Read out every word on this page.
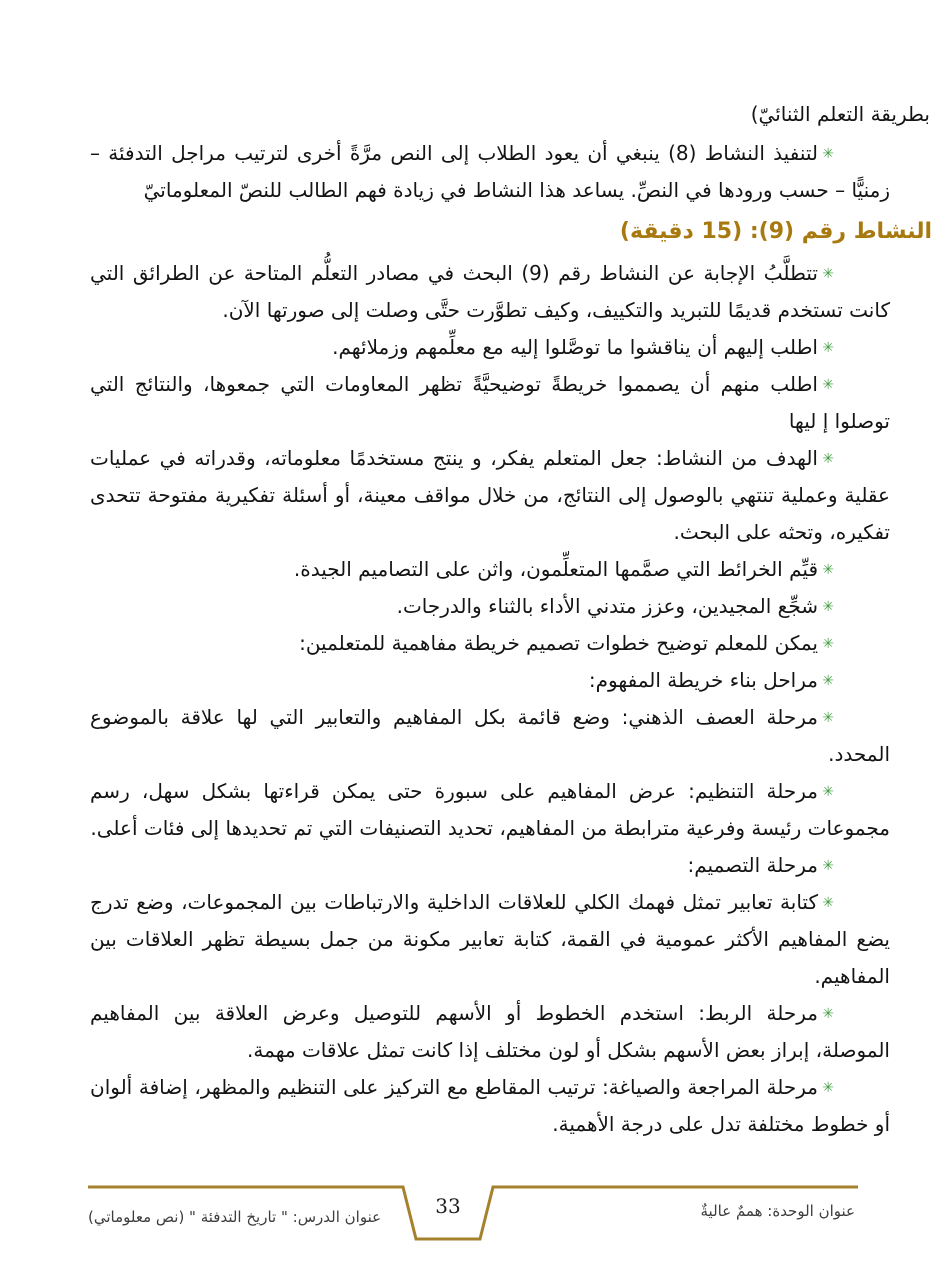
بطريقة التعلم الثنائيّ)

✳

لتنفيذ النشاط (8) ينبغي أن يعود الطلاب إلى النص مرَّةً أخرى لترتيب مراجل التدفئة – زمنيًّا – حسب ورودها في النصِّ. يساعد هذا النشاط في زيادة فهم الطالب للنصّ المعلوماتيّ

النشاط رقم (9): (15 دقيقة)
✳

تتطلَّبُ الإجابة عن النشاط رقم (9) البحث في مصادر التعلُّم المتاحة عن الطرائق التي كانت تستخدم قديمًا للتبريد والتكييف، وكيف تطوَّرت حتَّى وصلت إلى صورتها الآن.

✳

اطلب إليهم أن يناقشوا ما توصَّلوا إليه مع معلِّمهم وزملائهم.

✳

اطلب منهم أن يصمموا خريطةً توضيحيَّةً تظهر المعاومات التي جمعوها، والنتائج التي توصلوا إ ليها

✳

الهدف من النشاط: جعل المتعلم يفكر، و ينتج مستخدمًا معلوماته، وقدراته في عمليات عقلية وعملية تنتهي بالوصول إلى النتائج، من خلال مواقف معينة، أو أسئلة تفكيرية مفتوحة تتحدى تفكيره، وتحثه على البحث.

✳

قيِّم الخرائط التي صمَّمها المتعلِّمون، واثن على التصاميم الجيدة.

✳

شجِّع المجيدين، وعزز متدني الأداء بالثناء والدرجات.

✳

يمكن للمعلم توضيح خطوات تصميم خريطة مفاهمية للمتعلمين:

✳

مراحل بناء خريطة المفهوم:

✳

مرحلة العصف الذهني: وضع قائمة بكل المفاهيم والتعابير التي لها علاقة بالموضوع المحدد.

✳

مرحلة التنظيم: عرض المفاهيم على سبورة حتى يمكن قراءتها بشكل سهل، رسم مجموعات رئيسة وفرعية مترابطة من المفاهيم، تحديد التصنيفات التي تم تحديدها إلى فئات أعلى.

✳

مرحلة التصميم:

✳

كتابة تعابير تمثل فهمك الكلي للعلاقات الداخلية والارتباطات بين المجموعات، وضع تدرج يضع المفاهيم الأكثر عمومية في القمة، كتابة تعابير مكونة من جمل بسيطة تظهر العلاقات بين المفاهيم.

✳

مرحلة الربط: استخدم الخطوط أو الأسهم للتوصيل وعرض العلاقة بين المفاهيم الموصلة، إبراز بعض الأسهم بشكل أو لون مختلف إذا كانت تمثل علاقات مهمة.

✳

مرحلة المراجعة والصياغة: ترتيب المقاطع مع التركيز على التنظيم والمظهر، إضافة ألوان أو خطوط مختلفة تدل على درجة الأهمية.

33
عنوان الدرس: " تاريخ التدفئة " (نص معلوماتي)	عنوان الوحدة: هممٌ عاليةٌ
